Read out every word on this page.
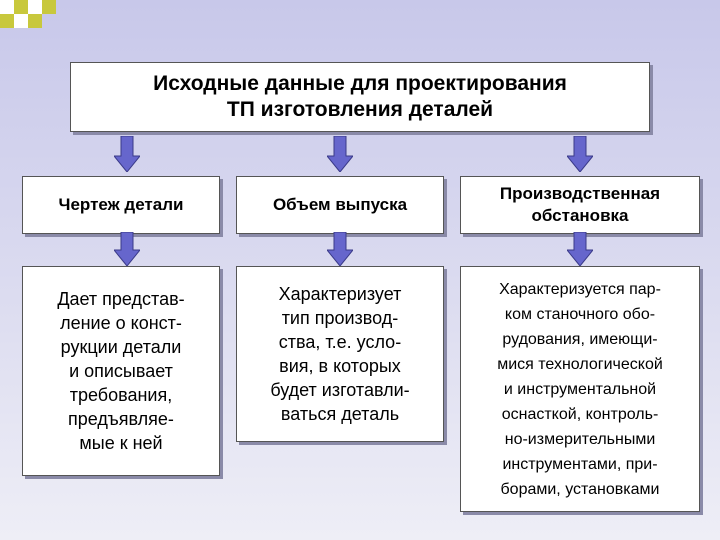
Исходные данные для проектирования
ТП изготовления деталей
Чертеж детали	Объем выпуска
Производственная
обстановка
Дает представ-
ление о конст-
рукции детали
и описывает
требования,
предъявляе-
мые к ней
Характеризует
тип производ-
ства, т.е. усло-
вия, в которых
будет изготавли-
ваться деталь
Характеризуется пар-
ком станочного обо-
рудования, имеющи-
мися технологической
и инструментальной
оснасткой, контроль-
но-измерительными
инструментами, при-
борами, установками
